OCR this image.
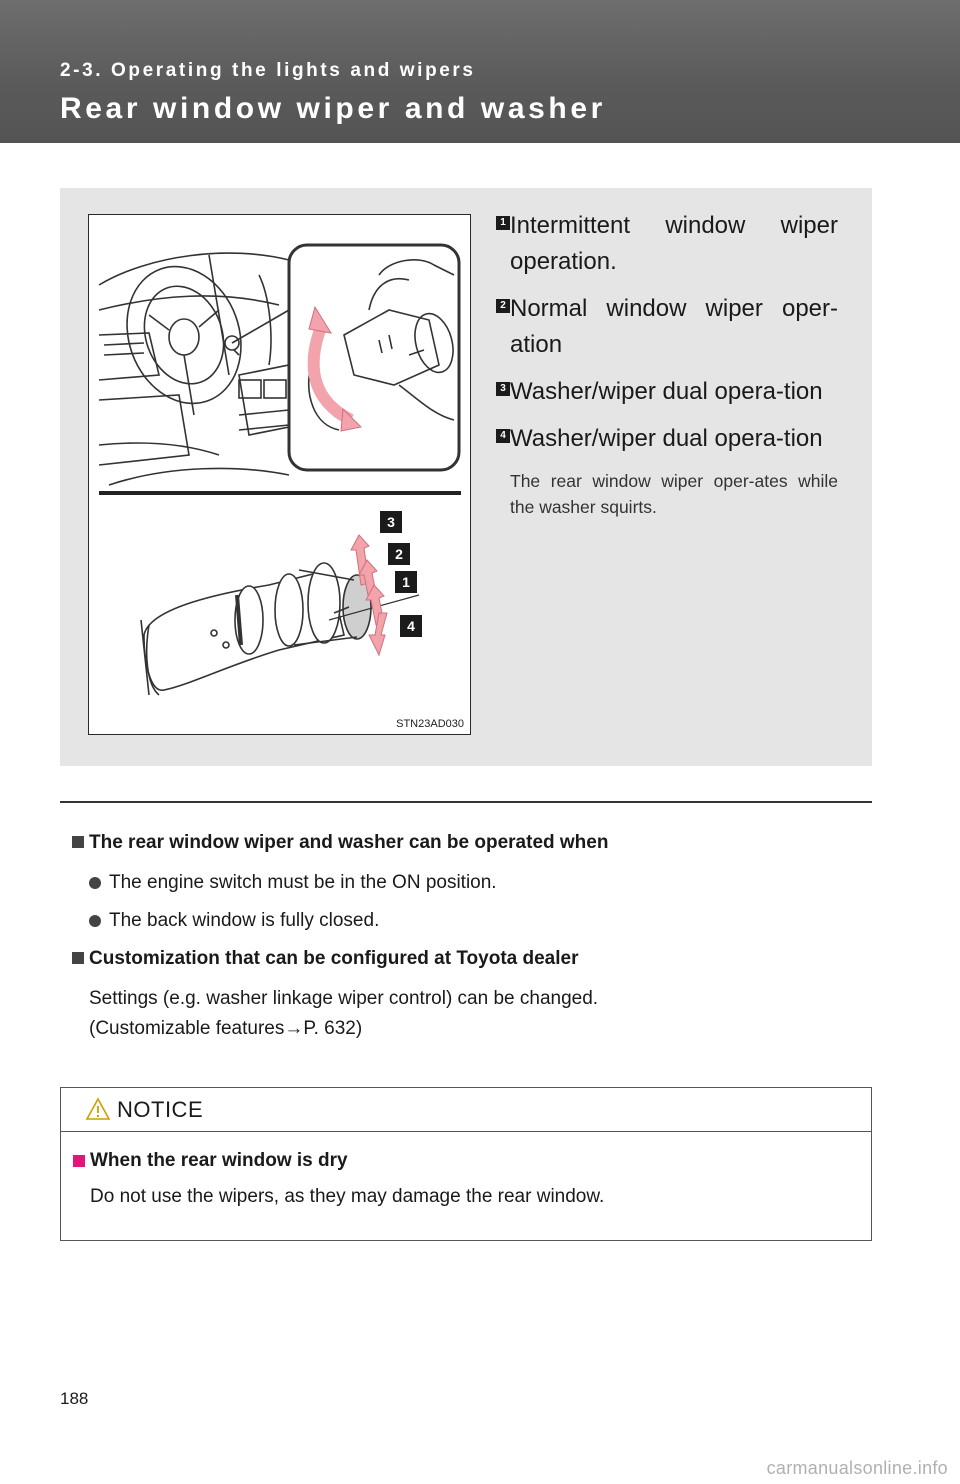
2-3. Operating the lights and wipers
Rear window wiper and washer
3
2
1
4
STN23AD030
1 Intermittent window wiper operation.
2 Normal window wiper oper-ation
3 Washer/wiper dual opera-tion
4 Washer/wiper dual opera-tion
The rear window wiper oper-ates while the washer squirts.
The rear window wiper and washer can be operated when
The engine switch must be in the ON position.
The back window is fully closed.
Customization that can be configured at Toyota dealer
Settings (e.g. washer linkage wiper control) can be changed.
(Customizable features→P. 632)
NOTICE
When the rear window is dry
Do not use the wipers, as they may damage the rear window.
188
carmanualsonline.info
